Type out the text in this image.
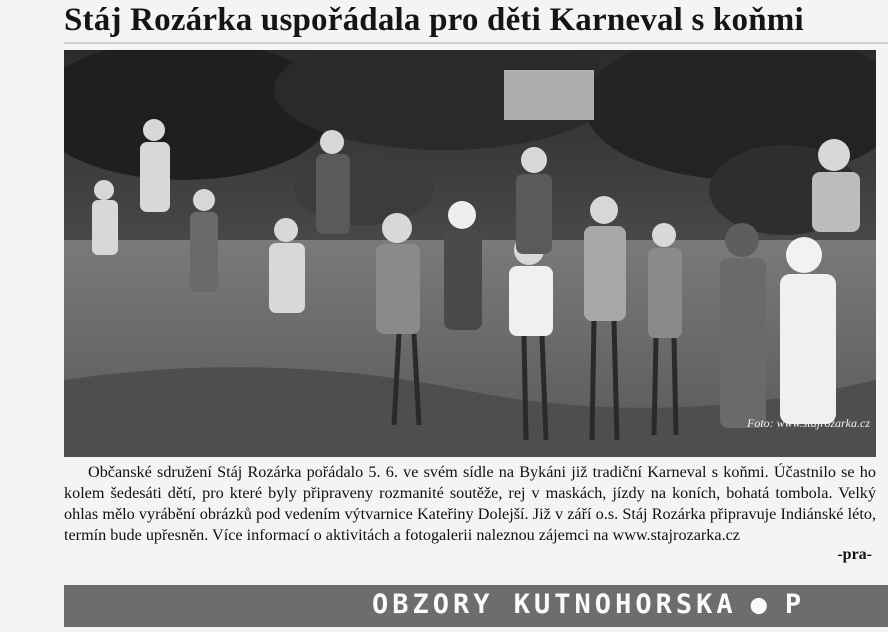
Stáj Rozárka uspořádala pro děti Karneval s koňmi
Foto: www.stajrozarka.cz

Občanské sdružení Stáj Rozárka pořádalo 5. 6. ve svém sídle na Bykáni již tradiční Karneval s koňmi. Účastnilo se ho kolem šedesáti dětí, pro které byly připraveny rozmanité soutěže, rej v maskách, jízdy na koních, bohatá tombola. Velký ohlas mělo vyrábění obrázků pod vedením výtvarnice Kateřiny Dolejší. Již v září o.s. Stáj Rozárka připravuje Indiánské léto, termín bude upřesněn. Více informací o aktivitách a fotogalerii naleznou zájemci na www.stajrozarka.cz

-pra-
OBZORY KUTNOHORSKA ● P
